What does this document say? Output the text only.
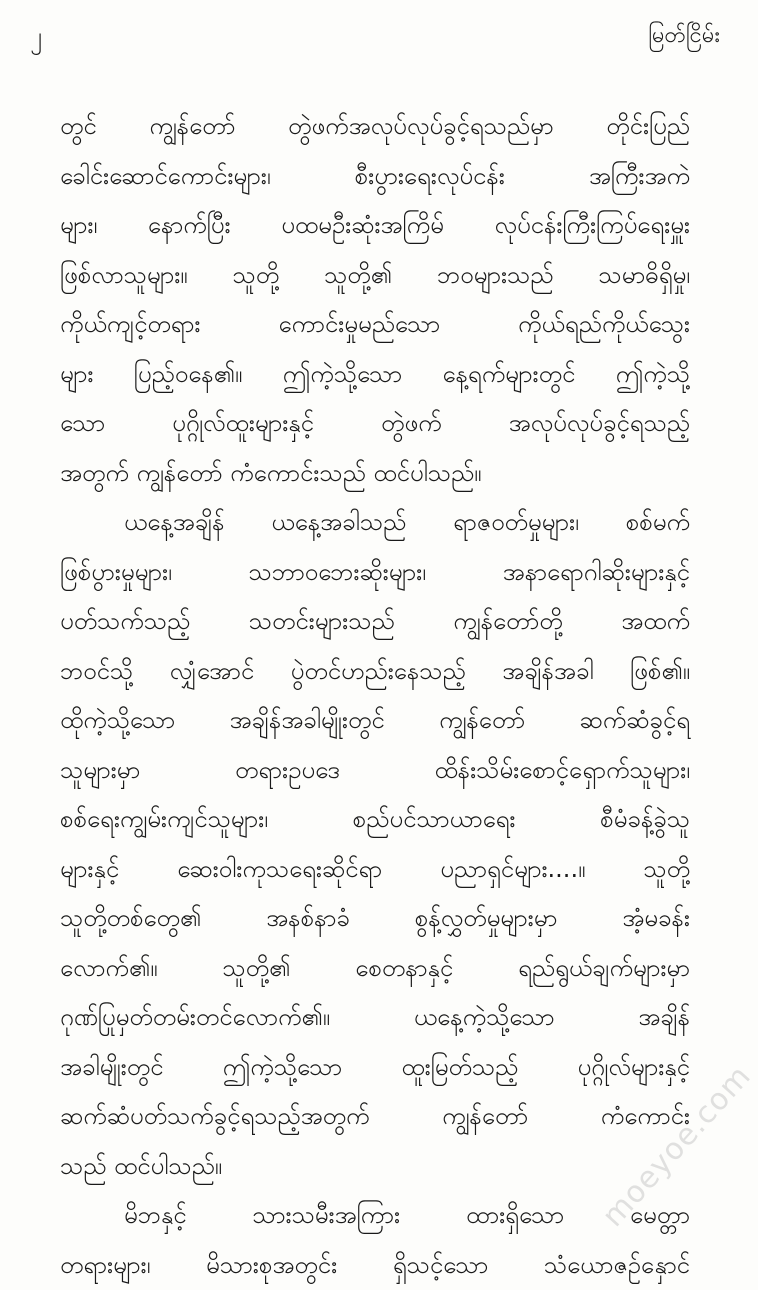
၂	မြတ်ငြိမ်း
တွင် ကျွန်တော် တွဲဖက်အလုပ်လုပ်ခွင့်ရသည်မှာ တိုင်းပြည်
ခေါင်းဆောင်ကောင်းများ၊ စီးပွားရေးလုပ်ငန်း အကြီးအကဲ
များ၊ နောက်ပြီး ပထမဦးဆုံးအကြိမ် လုပ်ငန်းကြီးကြပ်ရေးမှူး
ဖြစ်လာသူများ။ သူတို့ သူတို့၏ ဘဝများသည် သမာဓိရှိမှု၊
ကိုယ်ကျင့်တရား ကောင်းမှုမည်သော ကိုယ်ရည်ကိုယ်သွေး
များ ပြည့်ဝနေ၏။ ဤကဲ့သို့သော နေ့ရက်များတွင် ဤကဲ့သို့
သော ပုဂ္ဂိုလ်ထူးများနှင့် တွဲဖက် အလုပ်လုပ်ခွင့်ရသည့်
အတွက် ကျွန်တော် ကံကောင်းသည် ထင်ပါသည်။
ယနေ့အချိန် ယနေ့အခါသည် ရာဇဝတ်မှုများ၊ စစ်မက်
ဖြစ်ပွားမှုများ၊ သဘာဝဘေးဆိုးများ၊ အနာရောဂါဆိုးများနှင့်
ပတ်သက်သည့် သတင်းများသည် ကျွန်တော်တို့ အထက်
ဘဝင်သို့ လျှံအောင် ပွဲတင်ဟည်းနေသည့် အချိန်အခါ ဖြစ်၏။
ထိုကဲ့သို့သော အချိန်အခါမျိုးတွင် ကျွန်တော် ဆက်ဆံခွင့်ရ
သူများမှာ တရားဥပဒေ ထိန်းသိမ်းစောင့်ရှောက်သူများ၊
စစ်ရေးကျွမ်းကျင်သူများ၊ စည်ပင်သာယာရေး စီမံခန့်ခွဲသူ
များနှင့် ဆေးဝါးကုသရေးဆိုင်ရာ ပညာရှင်များ....။ သူတို့
သူတို့တစ်တွေ၏ အနစ်နာခံ စွန့်လွှတ်မှုများမှာ အံ့မခန်း
လောက်၏။ သူတို့၏ စေတနာနှင့် ရည်ရွယ်ချက်များမှာ
ဂုဏ်ပြုမှတ်တမ်းတင်လောက်၏။ ယနေ့ကဲ့သို့သော အချိန်
အခါမျိုးတွင် ဤကဲ့သို့သော ထူးမြတ်သည့် ပုဂ္ဂိုလ်များနှင့်
ဆက်ဆံပတ်သက်ခွင့်ရသည့်အတွက် ကျွန်တော် ကံကောင်း
သည် ထင်ပါသည်။
မိဘနှင့် သားသမီးအကြား ထားရှိသော မေတ္တာ
တရားများ၊ မိသားစုအတွင်း ရှိသင့်သော သံယောဇဉ်နှောင်
moeyoe.com
